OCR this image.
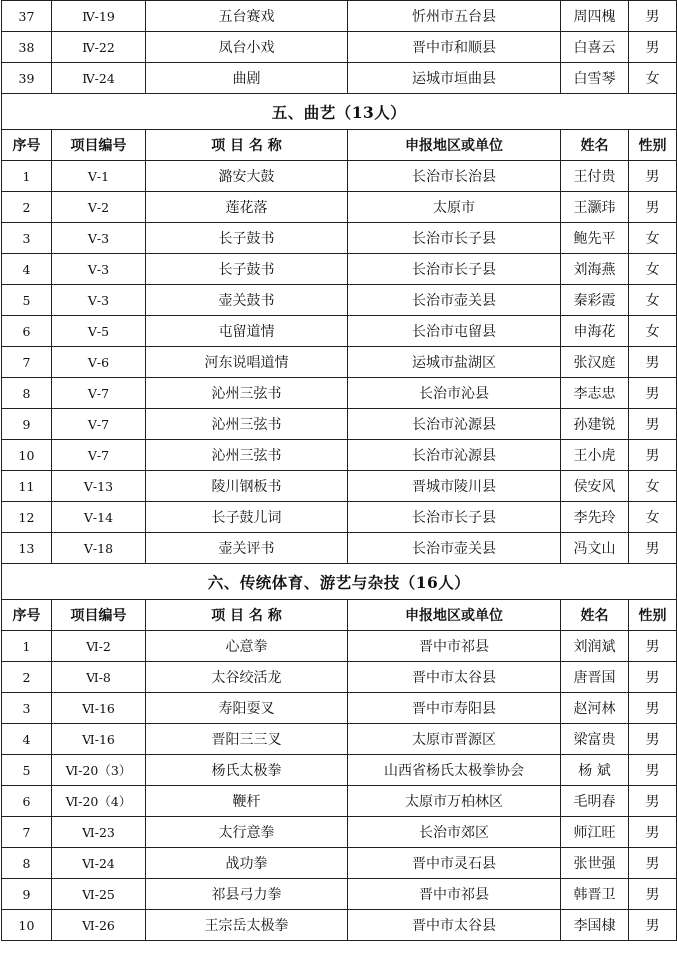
37	Ⅳ-19	五台赛戏	忻州市五台县	周四槐	男
38	Ⅳ-22	凤台小戏	晋中市和顺县	白喜云	男
39	Ⅳ-24	曲剧	运城市垣曲县	白雪琴	女
五、曲艺（13人）					
序号	项目编号	项 目 名 称	申报地区或单位	姓名	性别
1	Ⅴ-1	潞安大鼓	长治市长治县	王付贵	男
2	Ⅴ-2	莲花落	太原市	王灏玮	男
3	Ⅴ-3	长子鼓书	长治市长子县	鲍先平	女
4	Ⅴ-3	长子鼓书	长治市长子县	刘海燕	女
5	Ⅴ-3	壶关鼓书	长治市壶关县	秦彩霞	女
6	Ⅴ-5	屯留道情	长治市屯留县	申海花	女
7	Ⅴ-6	河东说唱道情	运城市盐湖区	张汉庭	男
8	Ⅴ-7	沁州三弦书	长治市沁县	李志忠	男
9	Ⅴ-7	沁州三弦书	长治市沁源县	孙建锐	男
10	Ⅴ-7	沁州三弦书	长治市沁源县	王小虎	男
11	Ⅴ-13	陵川钢板书	晋城市陵川县	侯安风	女
12	Ⅴ-14	长子鼓儿词	长治市长子县	李先玲	女
13	Ⅴ-18	壶关评书	长治市壶关县	冯文山	男
六、传统体育、游艺与杂技（16人）					
序号	项目编号	项 目 名 称	申报地区或单位	姓名	性别
1	Ⅵ-2	心意拳	晋中市祁县	刘润斌	男
2	Ⅵ-8	太谷绞活龙	晋中市太谷县	唐晋国	男
3	Ⅵ-16	寿阳耍叉	晋中市寿阳县	赵河林	男
4	Ⅵ-16	晋阳三三叉	太原市晋源区	梁富贵	男
5	Ⅵ-20（3）	杨氏太极拳	山西省杨氏太极拳协会	杨 斌	男
6	Ⅵ-20（4）	鞭杆	太原市万柏林区	毛明春	男
7	Ⅵ-23	太行意拳	长治市郊区	师江旺	男
8	Ⅵ-24	战功拳	晋中市灵石县	张世强	男
9	Ⅵ-25	祁县弓力拳	晋中市祁县	韩晋卫	男
10	Ⅵ-26	王宗岳太极拳	晋中市太谷县	李国棣	男
